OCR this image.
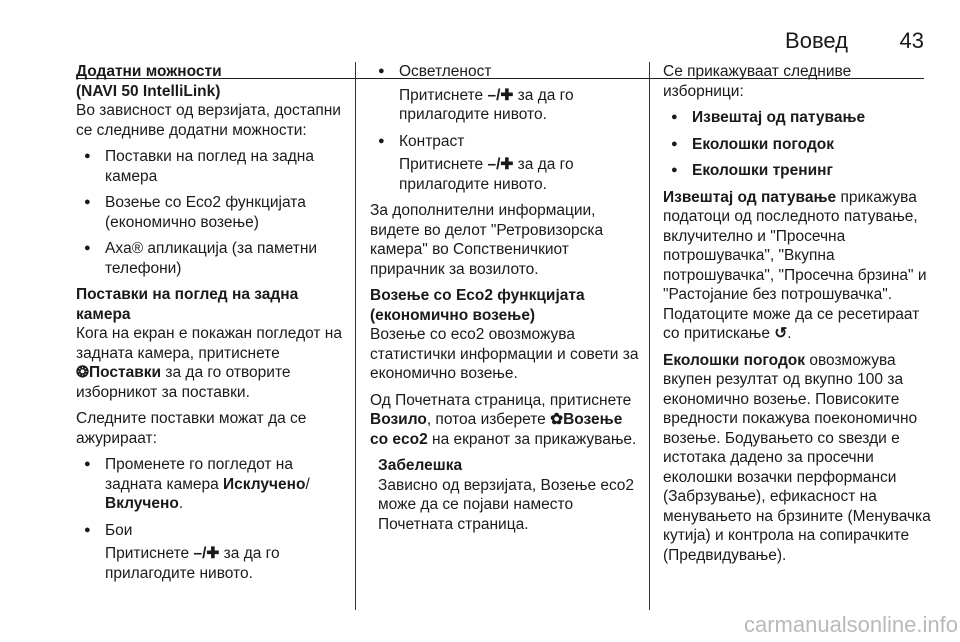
Вовед 43
Додатни можности
(NAVI 50 IntelliLink)

Во зависност од верзијата, достапни се следниве додатни можности:

● Поставки на поглед на задна камера
● Возење со Eco2 функцијата (економично возење)
● Axa® апликација (за паметни телефони)
Поставки на поглед на задна камера

Кога на екран е покажан погледот на задната камера, притиснете ❂Поставки за да го отворите изборникот за поставки.

Следните поставки можат да се ажурираат:

● Променете го погледот на задната камера Исклучено/
Вклучено.
● Бои
Притиснете –/✚ за да го прилагодите нивото.
● Осветленост
Притиснете –/✚ за да го прилагодите нивото.
● Контраст
Притиснете –/✚ за да го прилагодите нивото.

За дополнителни информации, видете во делот "Ретровизорска камера" во Сопственичкиот прирачник за возилото.

Возење со Eco2 функцијата (економично возење)

Возење со eco2 овозможува статистички информации и совети за економично возење.

Од Почетната страница, притиснете Возило, потоа изберете ✿Возење со eco2 на екранот за прикажување.

Забелешка
Зависно од верзијата, Возење eco2 може да се појави наместо Почетната страница.

Се прикажуваат следниве изборници:

● Извештај од патување
● Еколошки погодок
● Еколошки тренинг

Извештај од патување прикажува податоци од последното патување, вклучително и "Просечна потрошувачка", "Вкупна потрошувачка", "Просечна брзина" и "Растојание без потрошувачка". Податоците може да се ресетираат со притискање ↺.

Еколошки погодок овозможува вкупен резултат од вкупно 100 за економично возење. Повисоките вредности покажува поекономично возење. Бодувањето со ѕвезди е истотака дадено за просечни еколошки возачки перформанси (Забрзување), ефикасност на менувањето на брзините (Менувачка кутија) и контрола на сопирачките (Предвидување).

carmanualsonline.info
